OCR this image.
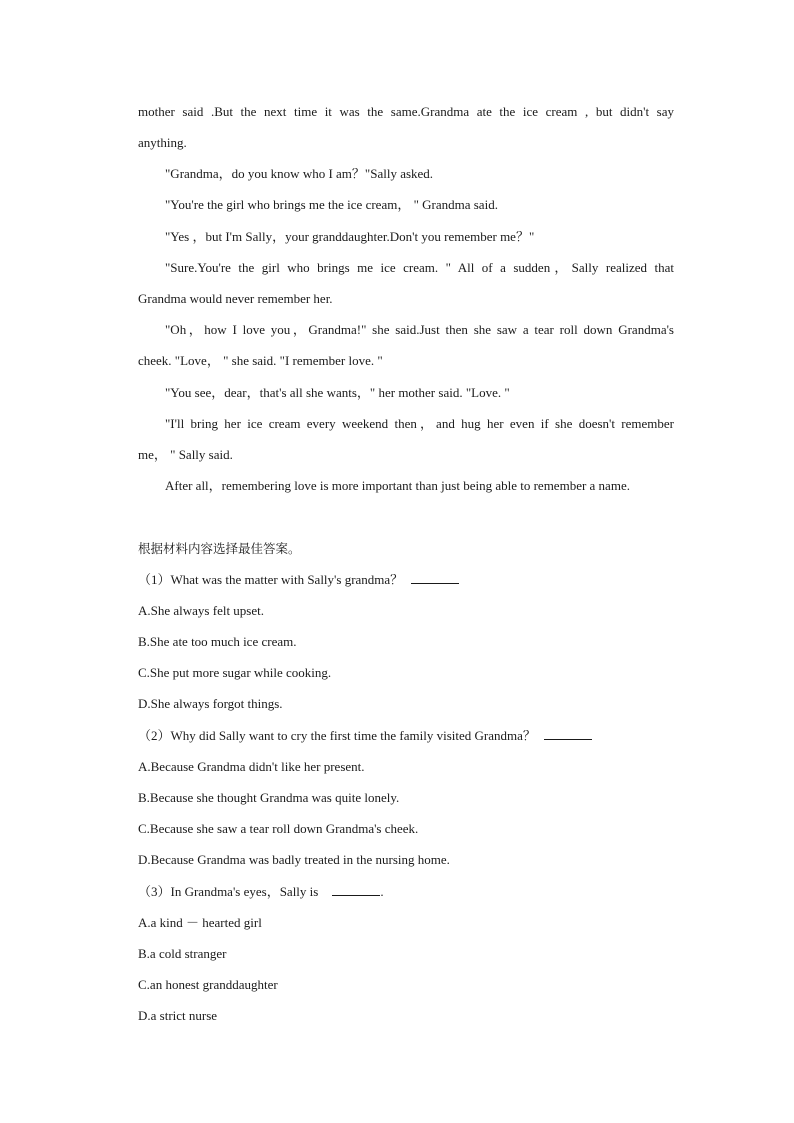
mother said .But the next time it was the same.Grandma ate the ice cream , but didn't say
anything.
"Grandma，do you know who I am？"Sally asked.
"You're the girl who brings me the ice cream， " Grandma said.
"Yes ，but I'm Sally，your granddaughter.Don't you remember me？"
"Sure.You're the girl who brings me ice cream. " All of a sudden，Sally realized that
Grandma would never remember her.
"Oh，how I love you，Grandma!" she said.Just then she saw a tear roll down Grandma's
cheek. "Love， " she said. "I remember love. "
"You see，dear，that's all she wants，" her mother said. "Love. "
"I'll bring her ice cream every weekend then，and hug her even if she doesn't remember
me， " Sally said.
After all，remembering love is more important than just being able to remember a name.
根据材料内容选择最佳答案。
（1）What was the matter with Sally's grandma？
A.She always felt upset.
B.She ate too much ice cream.
C.She put more sugar while cooking.
D.She always forgot things.
（2）Why did Sally want to cry the first time the family visited Grandma？
A.Because Grandma didn't like her present.
B.Because she thought Grandma was quite lonely.
C.Because she saw a tear roll down Grandma's cheek.
D.Because Grandma was badly treated in the nursing home.
（3）In Grandma's eyes，Sally is	.
A.a kind － hearted girl
B.a cold stranger
C.an honest granddaughter
D.a strict nurse
